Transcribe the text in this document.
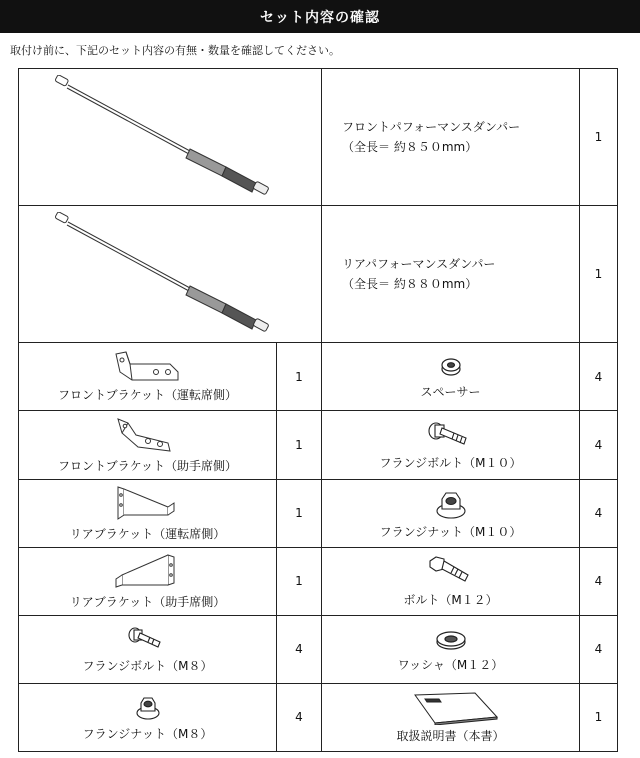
セット内容の確認
取付け前に、下記のセット内容の有無・数量を確認してください。

フロントパフォーマンスダンパー
（全長＝ 約８５０mm）	1

リアパフォーマンスダンパー
（全長＝ 約８８０mm）	1

フロントブラケット（運転席側）	1	スペーサー	4

フロントブラケット（助手席側）	1	フランジボルト（M１０）	4

リアブラケット（運転席側）	1	フランジナット（M１０）	4

リアブラケット（助手席側）	1	ボルト（M１２）	4

フランジボルト（M８）	4	ワッシャ（M１２）	4

フランジナット（M８）	4	取扱説明書（本書）	1
